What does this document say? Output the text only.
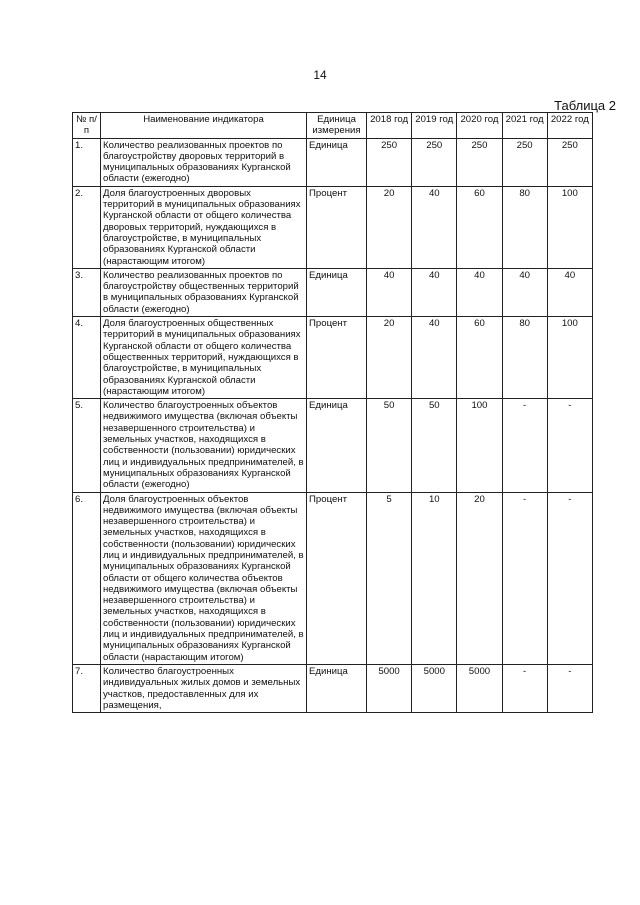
14
Таблица 2
№ п/п	Наименование индикатора	Единица измерения	2018 год	2019 год	2020 год	2021 год	2022 год
1.	Количество реализованных проектов по благоустройству дворовых территорий в муниципальных образованиях Курганской области (ежегодно)	Единица	250	250	250	250	250
2.	Доля благоустроенных дворовых территорий в муниципальных образованиях Курганской области от общего количества дворовых территорий, нуждающихся в благоустройстве, в муниципальных образованиях Курганской области (нарастающим итогом)	Процент	20	40	60	80	100
3.	Количество реализованных проектов по благоустройству общественных территорий в муниципальных образованиях Курганской области (ежегодно)	Единица	40	40	40	40	40
4.	Доля благоустроенных общественных территорий в муниципальных образованиях Курганской области от общего количества общественных территорий, нуждающихся в благоустройстве, в муниципальных образованиях Курганской области (нарастающим итогом)	Процент	20	40	60	80	100
5.	Количество благоустроенных объектов недвижимого имущества (включая объекты незавершенного строительства) и земельных участков, находящихся в собственности (пользовании) юридических лиц и индивидуальных предпринимателей, в муниципальных образованиях Курганской области (ежегодно)	Единица	50	50	100	-	-
6.	Доля благоустроенных объектов недвижимого имущества (включая объекты незавершенного строительства) и земельных участков, находящихся в собственности (пользовании) юридических лиц и индивидуальных предпринимателей, в муниципальных образованиях Курганской области от общего количества объектов недвижимого имущества (включая объекты незавершенного строительства) и земельных участков, находящихся в собственности (пользовании) юридических лиц и индивидуальных предпринимателей, в муниципальных образованиях Курганской области (нарастающим итогом)	Процент	5	10	20	-	-
7.	Количество благоустроенных индивидуальных жилых домов и земельных участков, предоставленных для их размещения,	Единица	5000	5000	5000	-	-
